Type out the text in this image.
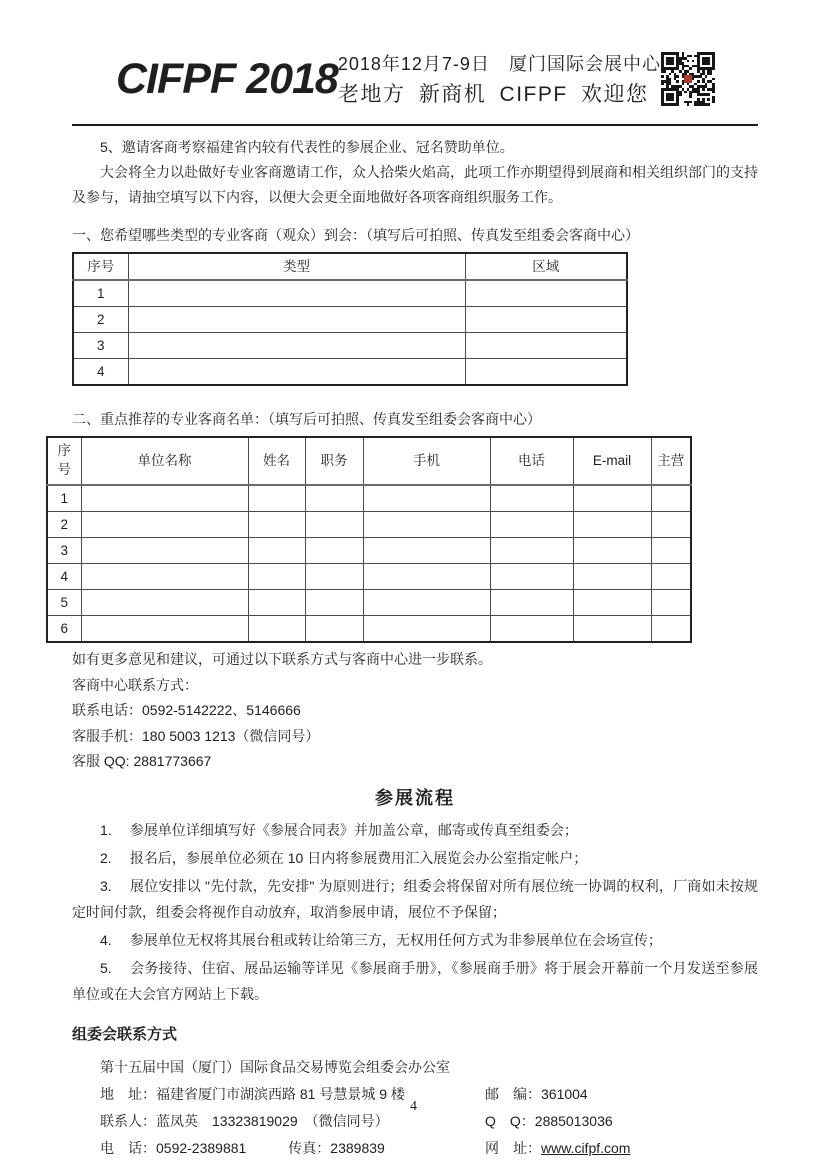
CIFPF 2018 2018年12月7-9日　厦门国际会展中心
老地方 新商机 CIFPF 欢迎您

5、邀请客商考察福建省内较有代表性的参展企业、冠名赞助单位。

大会将全力以赴做好专业客商邀请工作，众人拾柴火焰高，此项工作亦期望得到展商和相关组织部门的支持及参与，请抽空填写以下内容，以便大会更全面地做好各项客商组织服务工作。

一、您希望哪些类型的专业客商（观众）到会：（填写后可拍照、传真发至组委会客商中心）

序号	类型	区域
1		
2		
3		
4		

二、重点推荐的专业客商名单：（填写后可拍照、传真发至组委会客商中心）

序号	单位名称	姓名	职务	手机	电话	E-mail	主营
1							
2							
3							
4							
5							
6							

如有更多意见和建议，可通过以下联系方式与客商中心进一步联系。

客商中心联系方式：

联系电话：0592-5142222、5146666

客服手机：180 5003 1213（微信同号）

客服 QQ: 2881773667

参展流程

1. 参展单位详细填写好《参展合同表》并加盖公章，邮寄或传真至组委会；

2. 报名后，参展单位必须在 10 日内将参展费用汇入展览会办公室指定帐户；

3. 展位安排以 "先付款，先安排" 为原则进行；组委会将保留对所有展位统一协调的权利，厂商如未按规定时间付款，组委会将视作自动放弃，取消参展申请，展位不予保留；

4. 参展单位无权将其展台租或转让给第三方，无权用任何方式为非参展单位在会场宣传；

5. 会务接待、住宿、展品运输等详见《参展商手册》，《参展商手册》将于展会开幕前一个月发送至参展单位或在大会官方网站上下载。

组委会联系方式

第十五届中国（厦门）国际食品交易博览会组委会办公室

地　址：福建省厦门市湖滨西路 81 号慧景城 9 楼	邮　编：361004
联系人：蓝凤英　13323819029　（微信同号）	Q　Q：2885013036
电　话：0592-2389881　　　传真：2389839	网　址：www.cifpf.com
4
